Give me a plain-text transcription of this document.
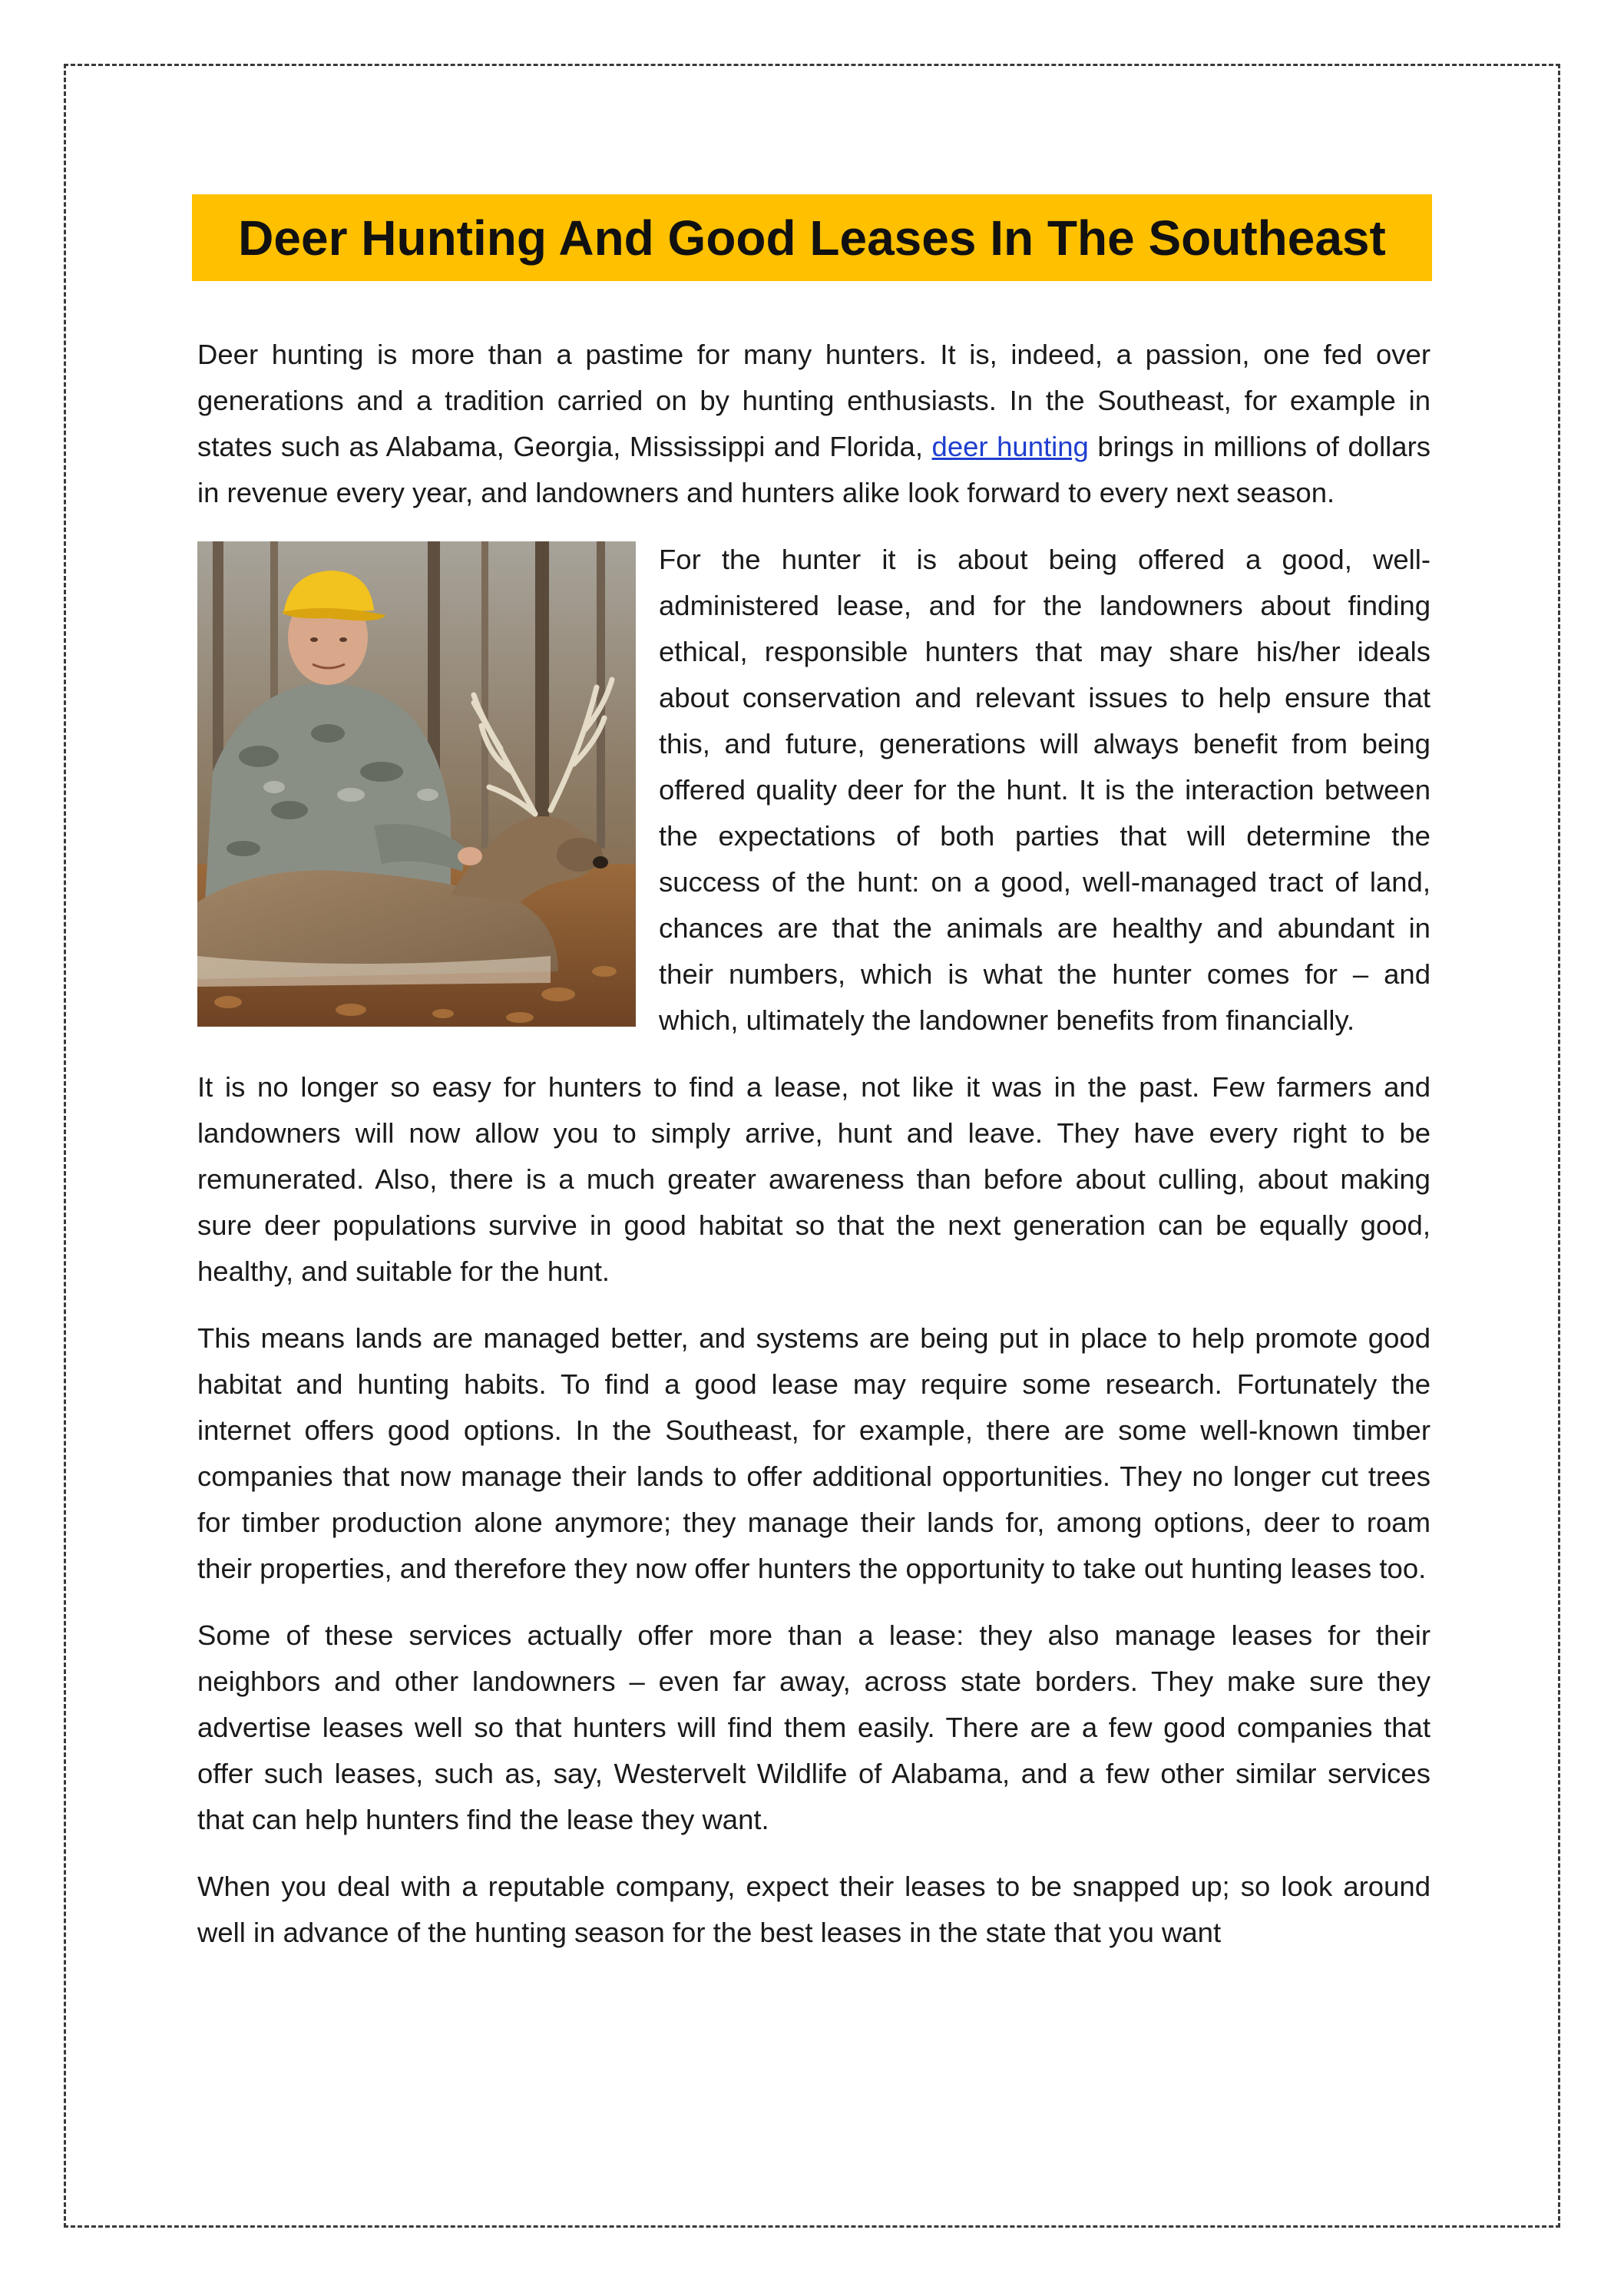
Deer Hunting And Good Leases In The Southeast

Deer hunting is more than a pastime for many hunters. It is, indeed, a passion, one fed over generations and a tradition carried on by hunting enthusiasts. In the Southeast, for example in states such as Alabama, Georgia, Mississippi and Florida, deer hunting brings in millions of dollars in revenue every year, and landowners and hunters alike look forward to every next season.

For the hunter it is about being offered a good, well-administered lease, and for the landowners about finding ethical, responsible hunters that may share his/her ideals about conservation and relevant issues to help ensure that this, and future, generations will always benefit from being offered quality deer for the hunt. It is the interaction between the expectations of both parties that will determine the success of the hunt: on a good, well-managed tract of land, chances are that the animals are healthy and abundant in their numbers, which is what the hunter comes for – and which, ultimately the landowner benefits from financially.

It is no longer so easy for hunters to find a lease, not like it was in the past. Few farmers and landowners will now allow you to simply arrive, hunt and leave. They have every right to be remunerated. Also, there is a much greater awareness than before about culling, about making sure deer populations survive in good habitat so that the next generation can be equally good, healthy, and suitable for the hunt.

This means lands are managed better, and systems are being put in place to help promote good habitat and hunting habits. To find a good lease may require some research. Fortunately the internet offers good options. In the Southeast, for example, there are some well-known timber companies that now manage their lands to offer additional opportunities. They no longer cut trees for timber production alone anymore; they manage their lands for, among options, deer to roam their properties, and therefore they now offer hunters the opportunity to take out hunting leases too.

Some of these services actually offer more than a lease: they also manage leases for their neighbors and other landowners – even far away, across state borders. They make sure they advertise leases well so that hunters will find them easily. There are a few good companies that offer such leases, such as, say, Westervelt Wildlife of Alabama, and a few other similar services that can help hunters find the lease they want.

When you deal with a reputable company, expect their leases to be snapped up; so look around well in advance of the hunting season for the best leases in the state that you want
